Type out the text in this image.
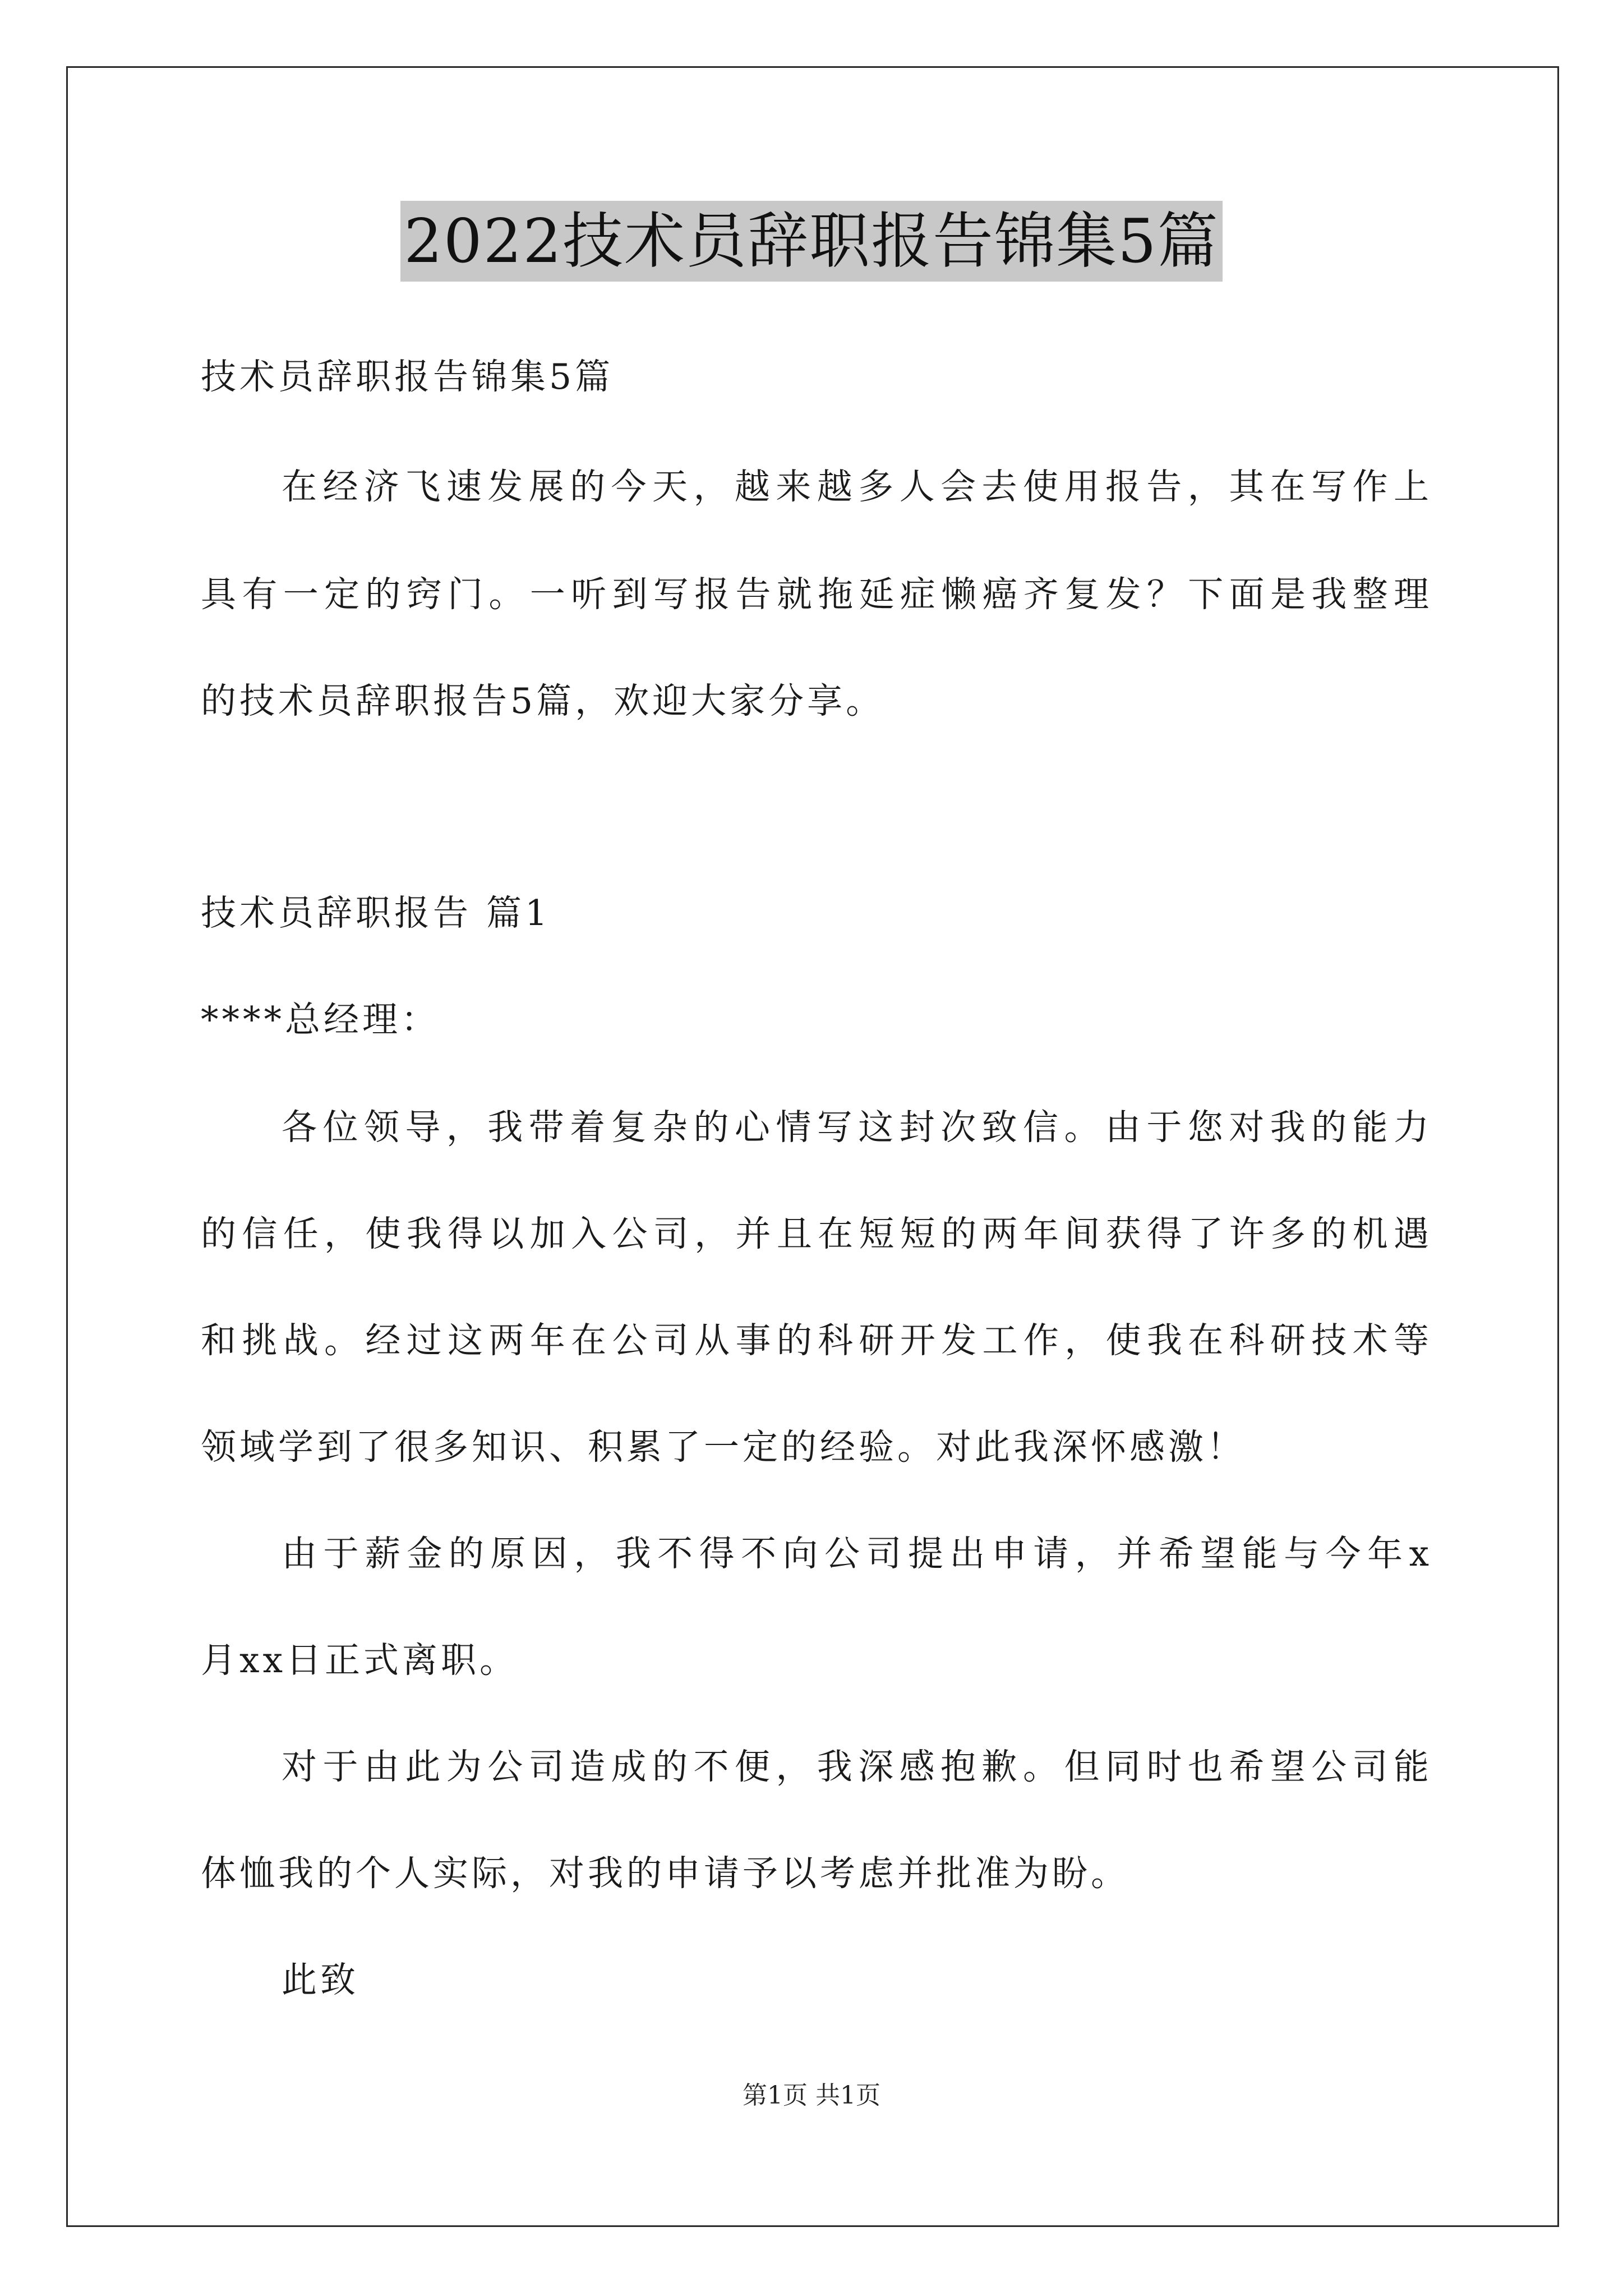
2022技术员辞职报告锦集5篇
技术员辞职报告锦集5篇
在经济飞速发展的今天，越来越多人会去使用报告，其在写作上
具有一定的窍门。一听到写报告就拖延症懒癌齐复发？下面是我整理
的技术员辞职报告5篇，欢迎大家分享。
技术员辞职报告 篇1
****总经理：
各位领导，我带着复杂的心情写这封次致信。由于您对我的能力
的信任，使我得以加入公司，并且在短短的两年间获得了许多的机遇
和挑战。经过这两年在公司从事的科研开发工作，使我在科研技术等
领域学到了很多知识、积累了一定的经验。对此我深怀感激！
由于薪金的原因，我不得不向公司提出申请，并希望能与今年x
月xx日正式离职。
对于由此为公司造成的不便，我深感抱歉。但同时也希望公司能
体恤我的个人实际，对我的申请予以考虑并批准为盼。
此致
第1页 共1页
